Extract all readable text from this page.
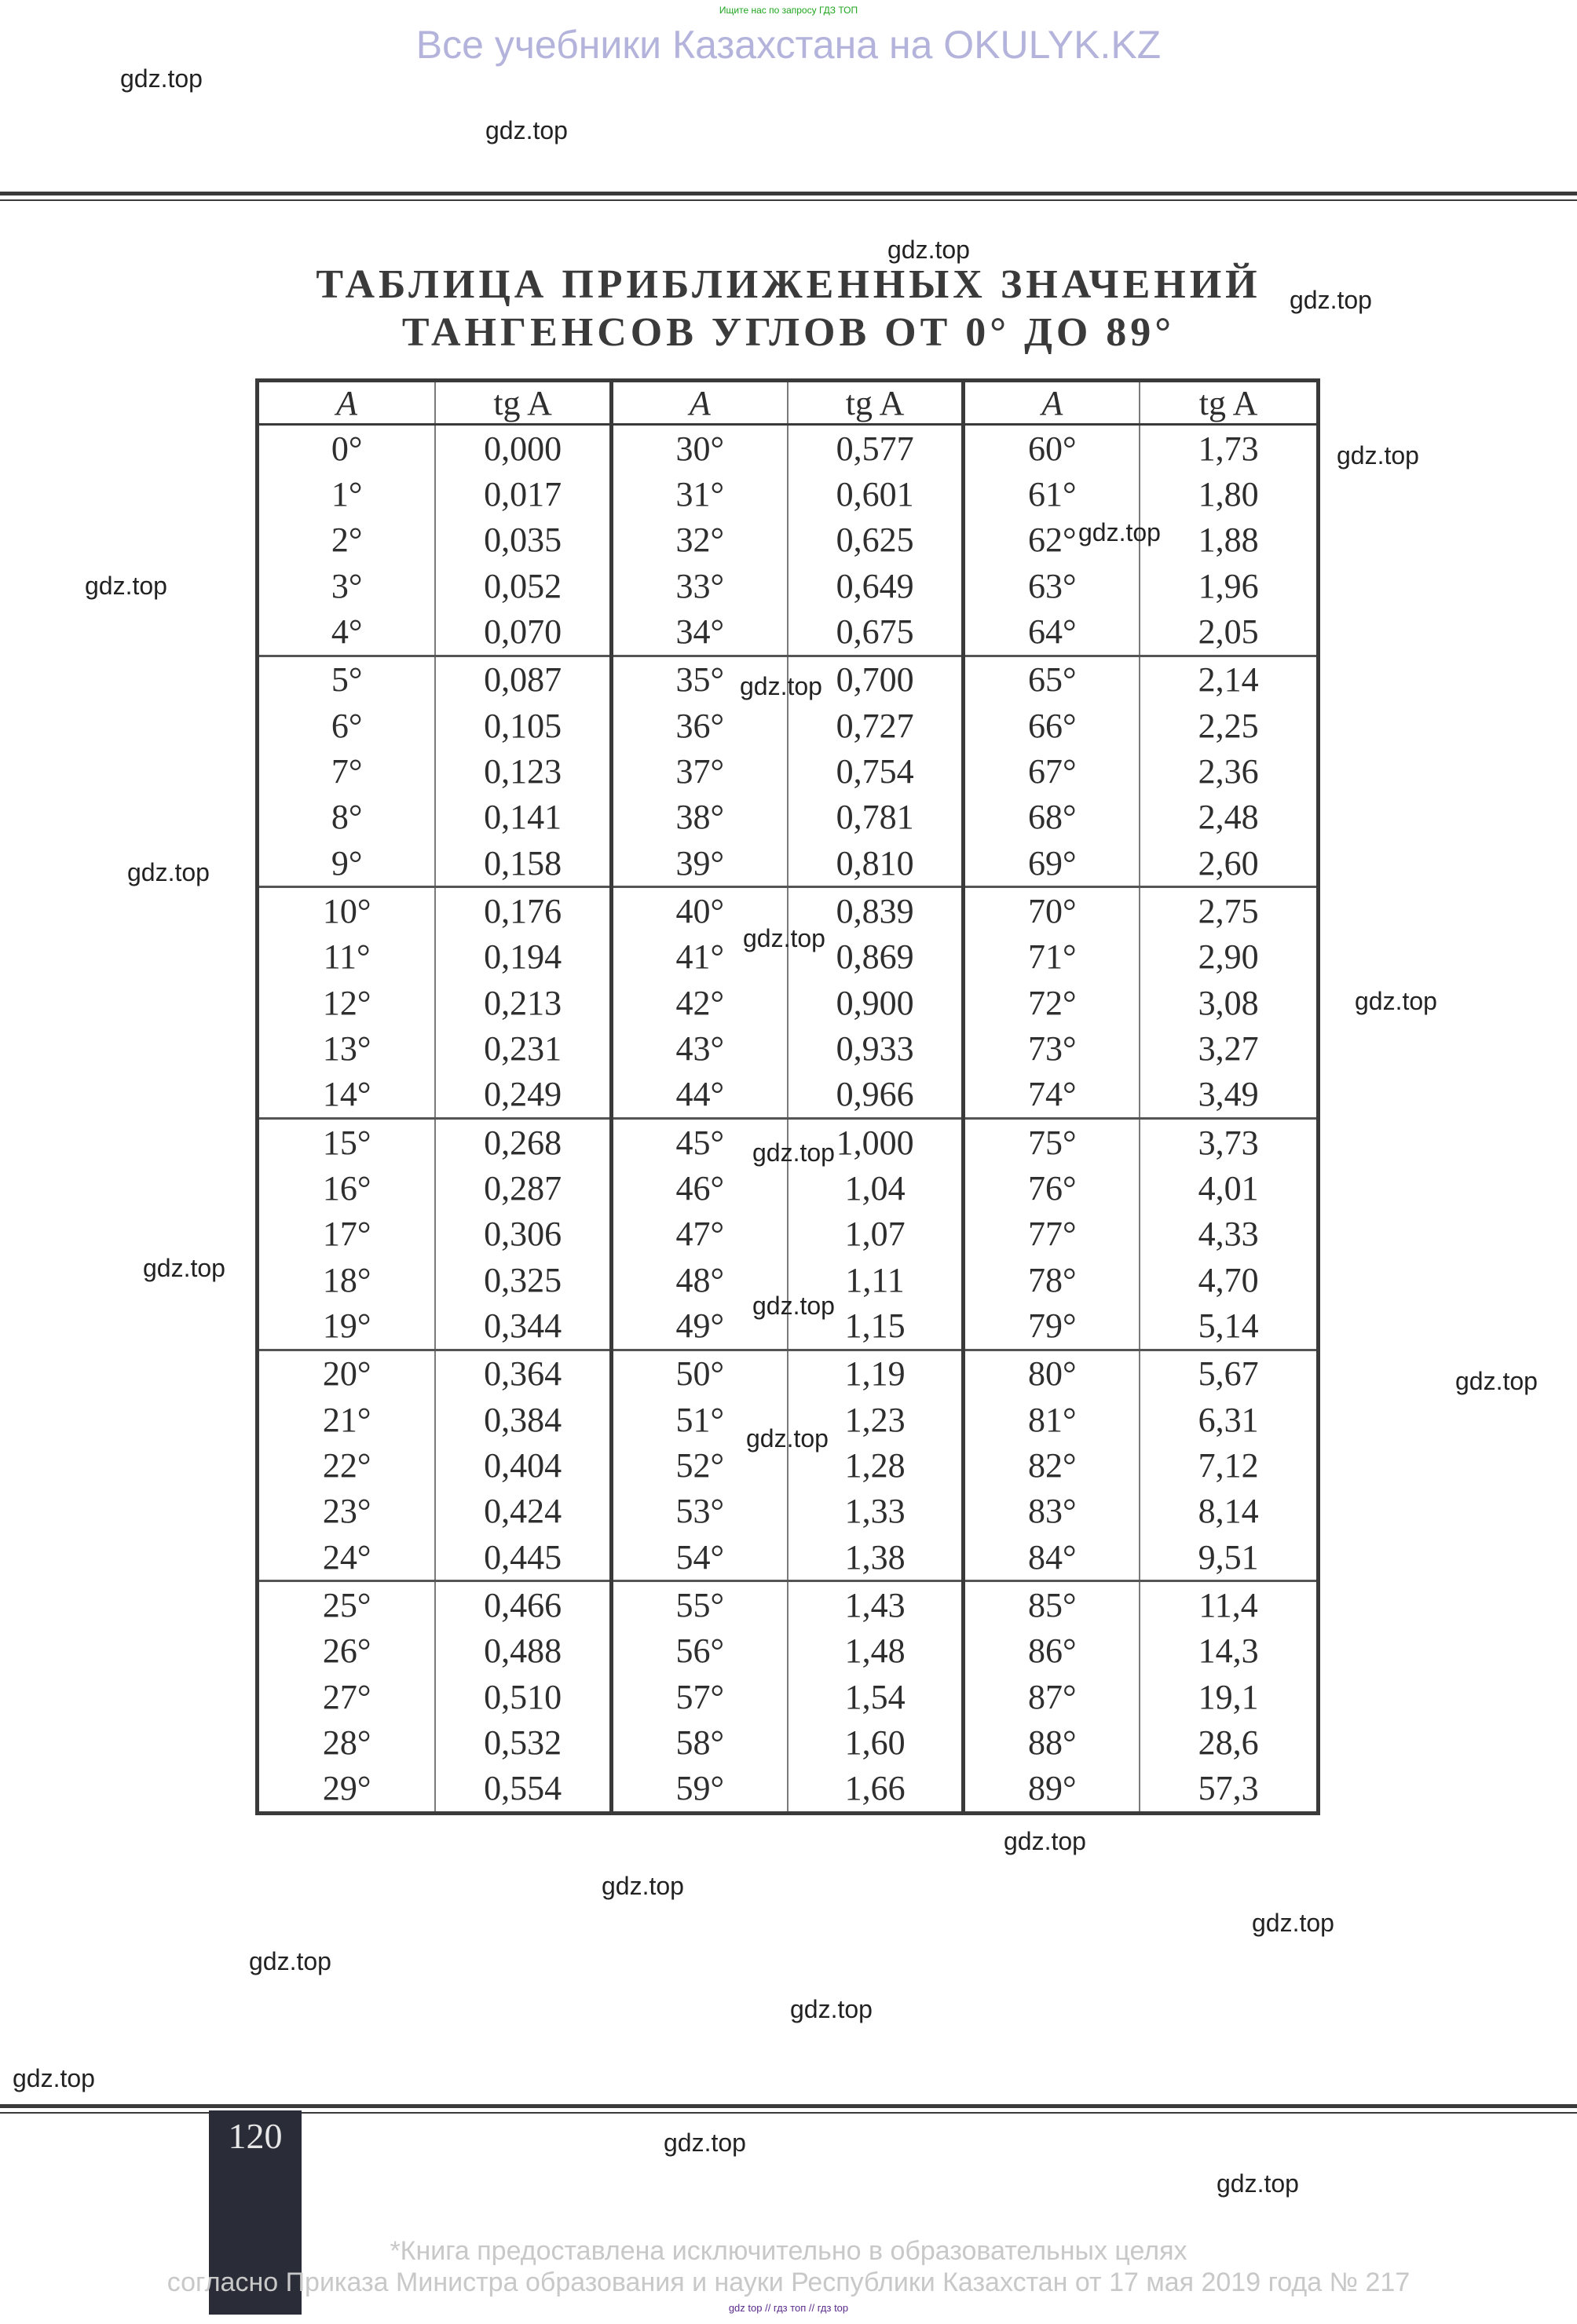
Ищите нас по запросу ГДЗ ТОП
Все учебники Казахстана на OKULYK.KZ
ТАБЛИЦА ПРИБЛИЖЕННЫХ ЗНАЧЕНИЙ
ТАНГЕНСОВ УГЛОВ ОТ 0° ДО 89°
A	tg A	A	tg A	A	tg A
0°	0,000	30°	0,577	60°	1,73
1°	0,017	31°	0,601	61°	1,80
2°	0,035	32°	0,625	62°	1,88
3°	0,052	33°	0,649	63°	1,96
4°	0,070	34°	0,675	64°	2,05
5°	0,087	35°	0,700	65°	2,14
6°	0,105	36°	0,727	66°	2,25
7°	0,123	37°	0,754	67°	2,36
8°	0,141	38°	0,781	68°	2,48
9°	0,158	39°	0,810	69°	2,60
10°	0,176	40°	0,839	70°	2,75
11°	0,194	41°	0,869	71°	2,90
12°	0,213	42°	0,900	72°	3,08
13°	0,231	43°	0,933	73°	3,27
14°	0,249	44°	0,966	74°	3,49
15°	0,268	45°	1,000	75°	3,73
16°	0,287	46°	1,04	76°	4,01
17°	0,306	47°	1,07	77°	4,33
18°	0,325	48°	1,11	78°	4,70
19°	0,344	49°	1,15	79°	5,14
20°	0,364	50°	1,19	80°	5,67
21°	0,384	51°	1,23	81°	6,31
22°	0,404	52°	1,28	82°	7,12
23°	0,424	53°	1,33	83°	8,14
24°	0,445	54°	1,38	84°	9,51
25°	0,466	55°	1,43	85°	11,4
26°	0,488	56°	1,48	86°	14,3
27°	0,510	57°	1,54	87°	19,1
28°	0,532	58°	1,60	88°	28,6
29°	0,554	59°	1,66	89°	57,3
gdz.top
gdz.top
gdz.top
gdz.top
gdz.top
gdz.top
gdz.top
gdz.top
gdz.top
gdz.top
gdz.top
gdz.top
gdz.top
gdz.top
gdz.top
gdz.top
gdz.top
gdz.top
gdz.top
gdz.top
gdz.top
gdz.top
gdz.top
gdz.top
120
*Книга предоставлена исключительно в образовательных целях
согласно Приказа Министра образования и науки Республики Казахстан от 17 мая 2019 года № 217
gdz top // гдз топ // гдз top
